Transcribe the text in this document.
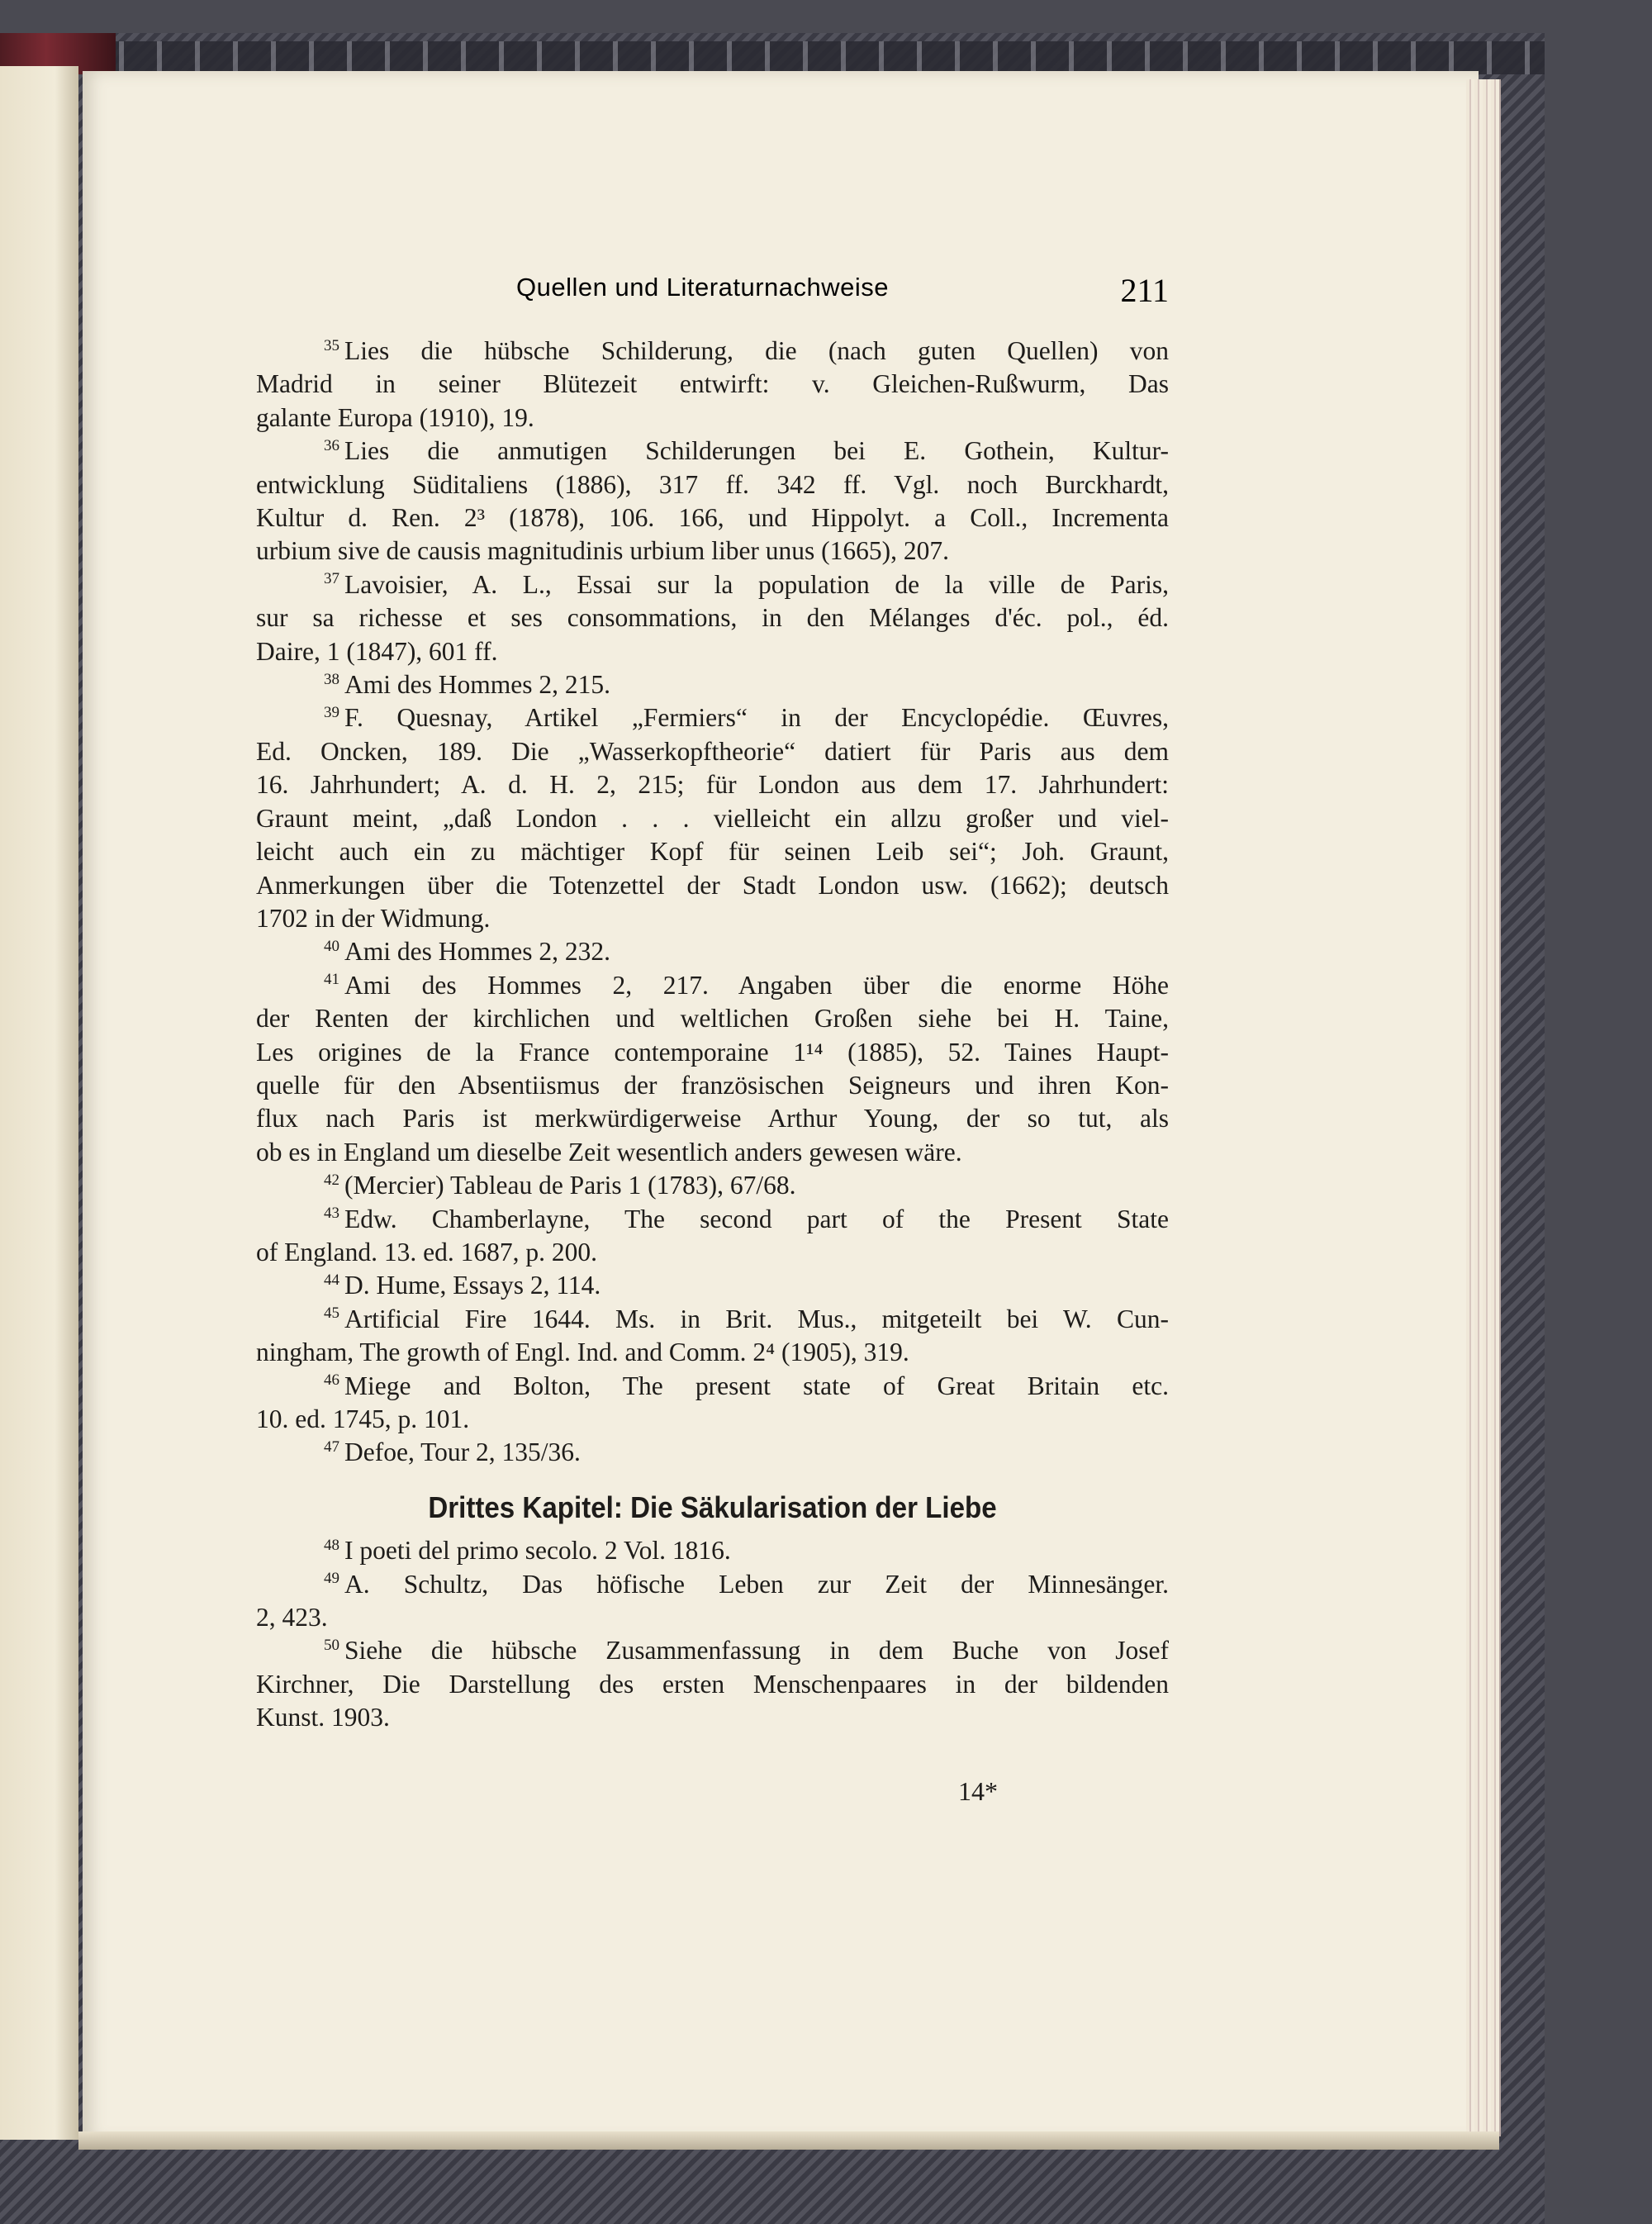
Quellen und Literaturnachweise	211

$^{35}$ Lies die hübsche Schilderung, die (nach guten Quellen) von
Madrid in seiner Blütezeit entwirft: v. Gleichen-Rußwurm, Das
galante Europa (1910), 19.

$^{36}$ Lies die anmutigen Schilderungen bei E. Gothein, Kultur-
entwicklung Süditaliens (1886), 317 ff. 342 ff. Vgl. noch Burckhardt,
Kultur d. Ren. 2³ (1878), 106. 166, und Hippolyt. a Coll., Incrementa
urbium sive de causis magnitudinis urbium liber unus (1665), 207.

$^{37}$ Lavoisier, A. L., Essai sur la population de la ville de Paris,
sur sa richesse et ses consommations, in den Mélanges d'éc. pol., éd.
Daire, 1 (1847), 601 ff.

$^{38}$ Ami des Hommes 2, 215.

$^{39}$ F. Quesnay, Artikel „Fermiers“ in der Encyclopédie. Œuvres,
Ed. Oncken, 189. Die „Wasserkopftheorie“ datiert für Paris aus dem
16. Jahrhundert; A. d. H. 2, 215; für London aus dem 17. Jahrhundert:
Graunt meint, „daß London . . . vielleicht ein allzu großer und viel-
leicht auch ein zu mächtiger Kopf für seinen Leib sei“; Joh. Graunt,
Anmerkungen über die Totenzettel der Stadt London usw. (1662); deutsch
1702 in der Widmung.

$^{40}$ Ami des Hommes 2, 232.

$^{41}$ Ami des Hommes 2, 217. Angaben über die enorme Höhe
der Renten der kirchlichen und weltlichen Großen siehe bei H. Taine,
Les origines de la France contemporaine 1¹⁴ (1885), 52. Taines Haupt-
quelle für den Absentiismus der französischen Seigneurs und ihren Kon-
flux nach Paris ist merkwürdigerweise Arthur Young, der so tut, als
ob es in England um dieselbe Zeit wesentlich anders gewesen wäre.

$^{42}$ (Mercier) Tableau de Paris 1 (1783), 67/68.

$^{43}$ Edw. Chamberlayne, The second part of the Present State
of England. 13. ed. 1687, p. 200.

$^{44}$ D. Hume, Essays 2, 114.

$^{45}$ Artificial Fire 1644. Ms. in Brit. Mus., mitgeteilt bei W. Cun-
ningham, The growth of Engl. Ind. and Comm. 2⁴ (1905), 319.

$^{46}$ Miege and Bolton, The present state of Great Britain etc.
10. ed. 1745, p. 101.

$^{47}$ Defoe, Tour 2, 135/36.

Drittes Kapitel: Die Säkularisation der Liebe

$^{48}$ I poeti del primo secolo. 2 Vol. 1816.

$^{49}$ A. Schultz, Das höfische Leben zur Zeit der Minnesänger.
2, 423.

$^{50}$ Siehe die hübsche Zusammenfassung in dem Buche von Josef
Kirchner, Die Darstellung des ersten Menschenpaares in der bildenden
Kunst. 1903.

14*
